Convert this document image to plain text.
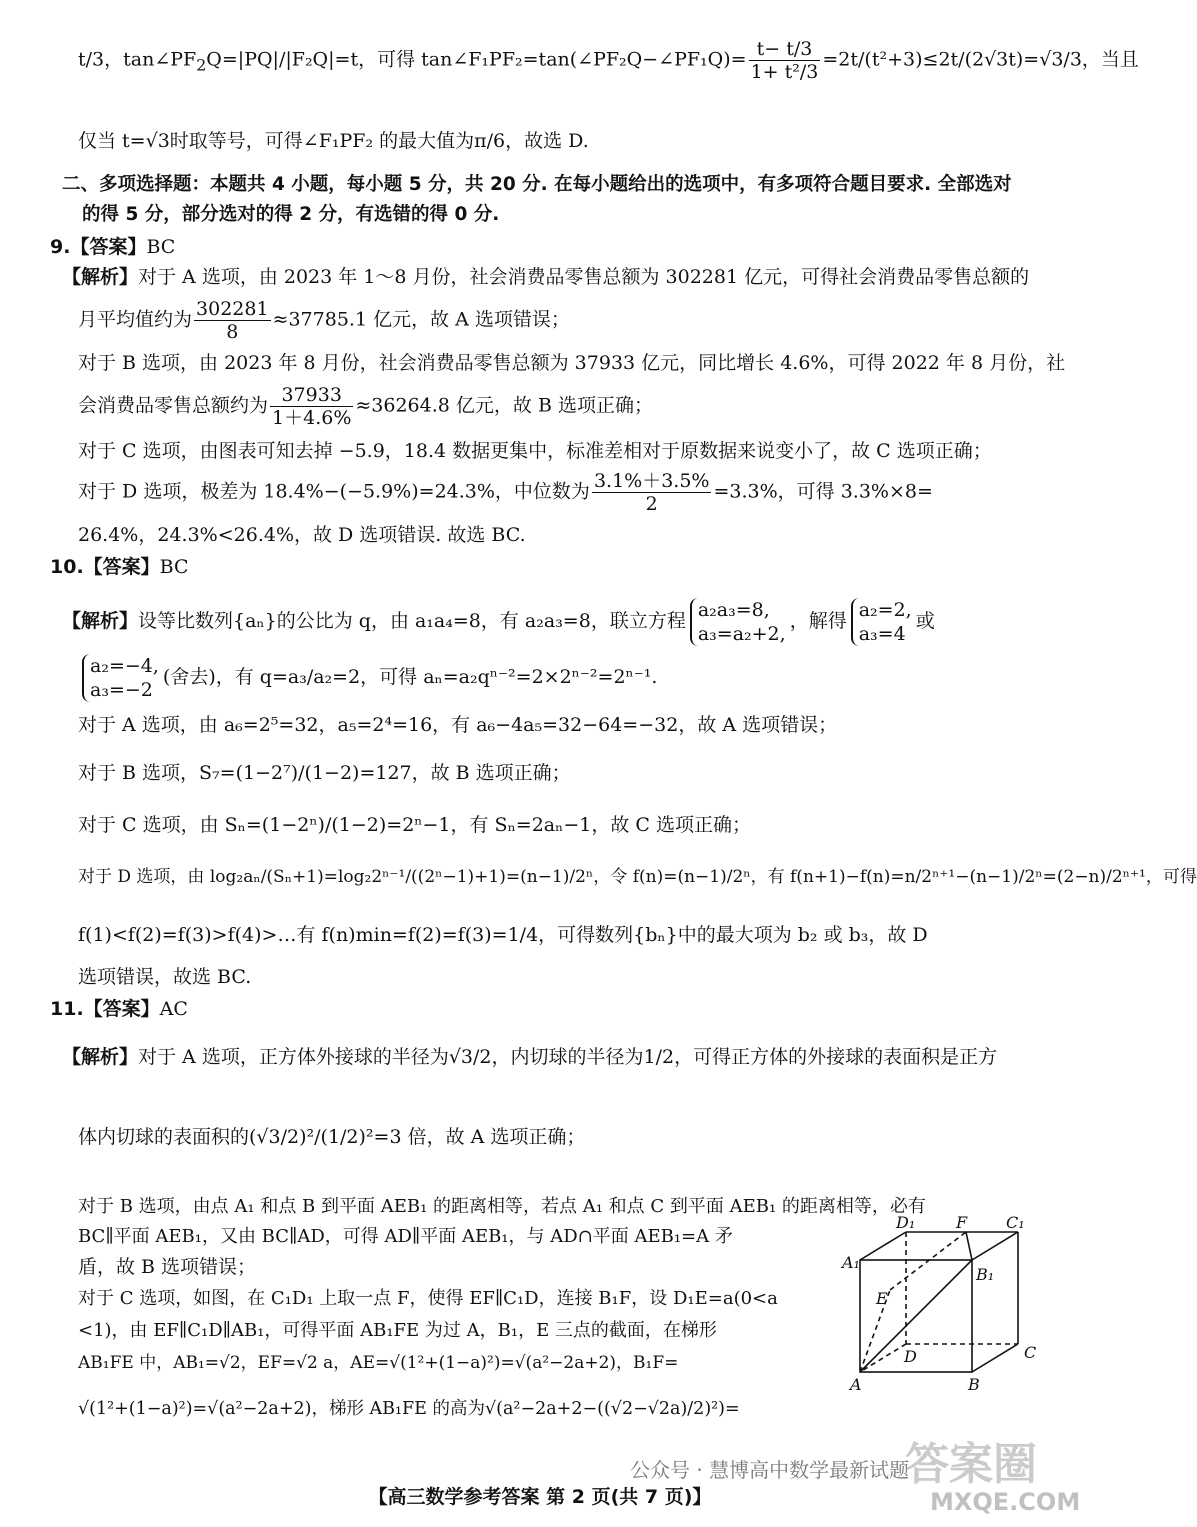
t/3，$\tan\angle PF_2Q=|PQ|/|F_2Q|=t$，可得 tan∠F₁PF₂=tan(∠PF₂Q−∠PF₁Q)= $\frac{t- t/3}{\text{1+ t²/3}} =2t/(t^2+3)\le 2t/(2√3t)=√3/3$，当且
仅当 t=√3时取等号，可得∠F₁PF₂ 的最大值为π/6，故选 D.
二、多项选择题：本题共 4 小题，每小题 5 分，共 20 分. 在每小题给出的选项中，有多项符合题目要求. 全部选对
的得 5 分，部分选对的得 2 分，有选错的得 0 分.
9.【答案】BC
【解析】对于 A 选项，由 2023 年 1～8 月份，社会消费品零售总额为 302281 亿元，可得社会消费品零售总额的
月平均值约为 $\frac{302281}{8} \approx 37785.1$ 亿元，故 A 选项错误；
对于 B 选项，由 2023 年 8 月份，社会消费品零售总额为 37933 亿元，同比增长 4.6%，可得 2022 年 8 月份，社
会消费品零售总额约为 $\frac{37933}{1+4.6\%} \approx 36264.8$ 亿元，故 B 选项正确；
对于 C 选项，由图表可知去掉 −5.9，18.4 数据更集中，标准差相对于原数据来说变小了，故 C 选项正确；
对于 D 选项，极差为 18.4%−(−5.9%)=24.3%，中位数为 $\frac{3.1\%+3.5\%}{2} =3.3\%$，可得 3.3%×8=
26.4%，24.3%<26.4%，故 D 选项错误. 故选 BC.
10.【答案】BC
【解析】设等比数列{aₙ}的公比为 q，由 a₁a₄=8，有 a₂a₃=8，联立方程 a₂a₃=8,
a₃=a₂+2,
，解得 a₂=2,
a₃=4
或
a₂=−4,
a₃=−2
(舍去)，有 q=a₃/a₂=2，可得 aₙ=a₂qⁿ⁻²=2×2ⁿ⁻²=2ⁿ⁻¹.
对于 A 选项，由 a₆=2⁵=32，a₅=2⁴=16，有 a₆−4a₅=32−64=−32，故 A 选项错误；
对于 B 选项，S₇=(1−2⁷)/(1−2)=127，故 B 选项正确；
对于 C 选项，由 Sₙ=(1−2ⁿ)/(1−2)=2ⁿ−1，有 Sₙ=2aₙ−1，故 C 选项正确；
对于 D 选项，由 log₂aₙ/(Sₙ+1)=log₂2ⁿ⁻¹/((2ⁿ−1)+1)=(n−1)/2ⁿ，令 f(n)=(n−1)/2ⁿ，有 f(n+1)−f(n)=n/2ⁿ⁺¹−(n−1)/2ⁿ=(2−n)/2ⁿ⁺¹，可得
f(1)<f(2)=f(3)>f(4)>…有 f(n)min=f(2)=f(3)=1/4，可得数列{bₙ}中的最大项为 b₂ 或 b₃，故 D
选项错误，故选 BC.
11.【答案】AC
【解析】对于 A 选项，正方体外接球的半径为√3/2，内切球的半径为1/2，可得正方体的外接球的表面积是正方
体内切球的表面积的(√3/2)²/(1/2)²=3 倍，故 A 选项正确；
对于 B 选项，由点 A₁ 和点 B 到平面 AEB₁ 的距离相等，若点 A₁ 和点 C 到平面 AEB₁ 的距离相等，必有
BC∥平面 AEB₁，又由 BC∥AD，可得 AD∥平面 AEB₁，与 AD∩平面 AEB₁=A 矛
盾，故 B 选项错误；
对于 C 选项，如图，在 C₁D₁ 上取一点 F，使得 EF∥C₁D，连接 B₁F，设 D₁E=a(0<a
<1)，由 EF∥C₁D∥AB₁，可得平面 AB₁FE 为过 A，B₁，E 三点的截面，在梯形
AB₁FE 中，AB₁=√2，EF=√2 a，AE=√(1²+(1−a)²)=√(a²−2a+2)，B₁F=
√(1²+(1−a)²)=√(a²−2a+2)，梯形 AB₁FE 的高为√(a²−2a+2−((√2−√2a)/2)²)=
D₁	F C₁
A₁
B₁
E
D	C
A	B
公众号 · 慧博高中数学最新试题
答案圈
【高三数学参考答案 第 2 页(共 7 页)】	MXQE.COM
